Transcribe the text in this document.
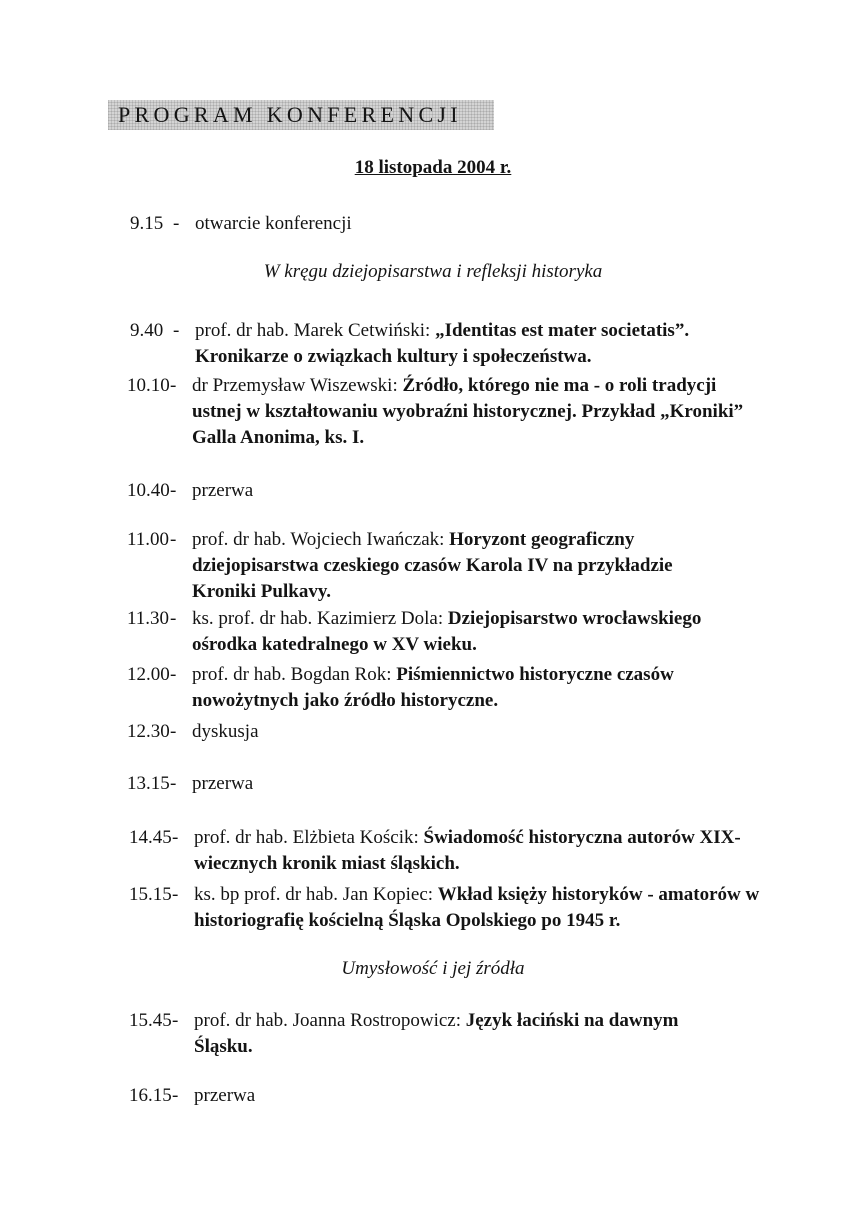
PROGRAM KONFERENCJI
18 listopada 2004 r.
9.15 - otwarcie konferencji
W kręgu dziejopisarstwa i refleksji historyka
9.40 - prof. dr hab. Marek Cetwiński: „Identitas est mater societatis”. Kronikarze o związkach kultury i społeczeństwa.
10.10 - dr Przemysław Wiszewski: Źródło, którego nie ma - o roli tradycji ustnej w kształtowaniu wyobraźni historycznej. Przykład „Kroniki” Galla Anonima, ks. I.
10.40 - przerwa
11.00 - prof. dr hab. Wojciech Iwańczak: Horyzont geograficzny dziejopisarstwa czeskiego czasów Karola IV na przykładzie Kroniki Pulkavy.
11.30 - ks. prof. dr hab. Kazimierz Dola: Dziejopisarstwo wrocławskiego ośrodka katedralnego w XV wieku.
12.00 - prof. dr hab. Bogdan Rok: Piśmiennictwo historyczne czasów nowożytnych jako źródło historyczne.
12.30 - dyskusja
13.15 - przerwa
14.45 - prof. dr hab. Elżbieta Kościk: Świadomość historyczna autorów XIX-wiecznych kronik miast śląskich.
15.15 - ks. bp prof. dr hab. Jan Kopiec: Wkład księży historyków - amatorów w historiografię kościelną Śląska Opolskiego po 1945 r.
Umysłowość i jej źródła
15.45 - prof. dr hab. Joanna Rostropowicz: Język łaciński na dawnym Śląsku.
16.15 - przerwa
